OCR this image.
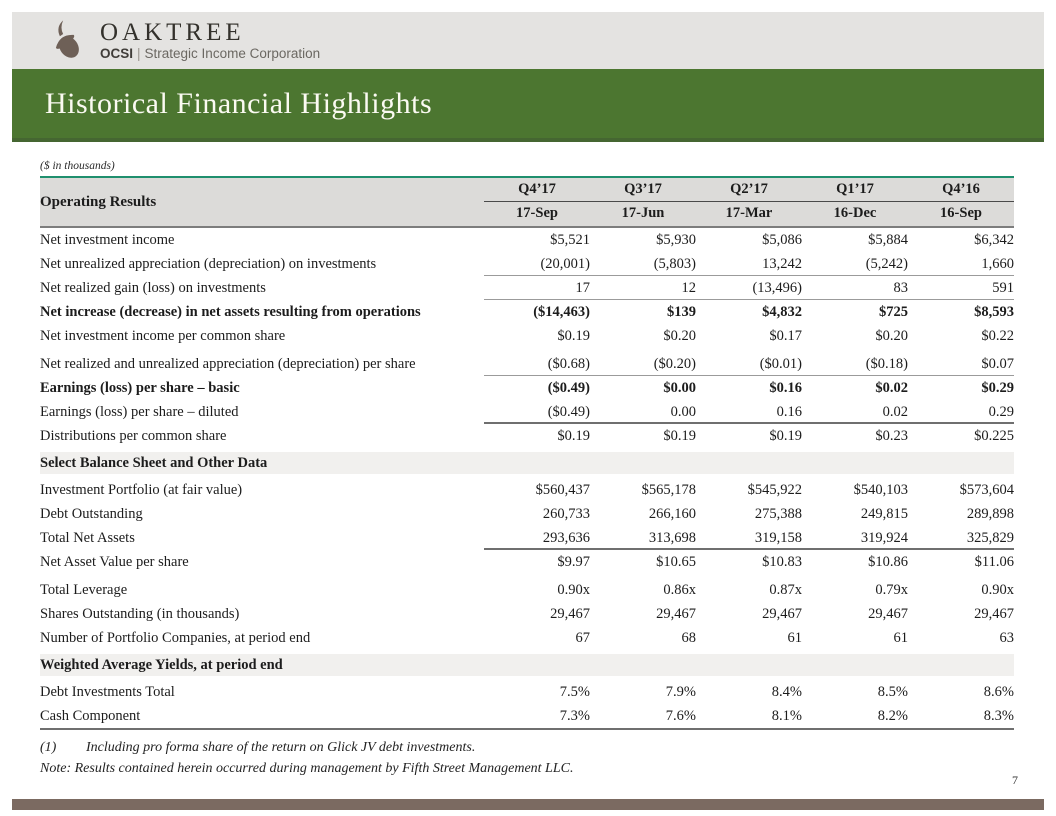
OAKTREE
OCSI | Strategic Income Corporation
Historical Financial Highlights
($ in thousands)
Operating Results
Q4’17	Q3’17	Q2’17	Q1’17	Q4’16
17-Sep	17-Jun	17-Mar	16-Dec	16-Sep
Net investment income	$5,521	$5,930	$5,086	$5,884	$6,342
Net unrealized appreciation (depreciation) on investments	(20,001)	(5,803)	13,242	(5,242)	1,660
Net realized gain (loss) on investments	17	12	(13,496)	83	591
Net increase (decrease) in net assets resulting from operations	($14,463)	$139	$4,832	$725	$8,593
Net investment income per common share	$0.19	$0.20	$0.17	$0.20	$0.22
Net realized and unrealized appreciation (depreciation) per share	($0.68)	($0.20)	($0.01)	($0.18)	$0.07
Earnings (loss) per share – basic	($0.49)	$0.00	$0.16	$0.02	$0.29
Earnings (loss) per share – diluted	($0.49)	0.00	0.16	0.02	0.29
Distributions per common share	$0.19	$0.19	$0.19	$0.23	$0.225
Select Balance Sheet and Other Data
Investment Portfolio (at fair value)	$560,437	$565,178	$545,922	$540,103	$573,604
Debt Outstanding	260,733	266,160	275,388	249,815	289,898
Total Net Assets	293,636	313,698	319,158	319,924	325,829
Net Asset Value per share	$9.97	$10.65	$10.83	$10.86	$11.06
Total Leverage	0.90x	0.86x	0.87x	0.79x	0.90x
Shares Outstanding (in thousands)	29,467	29,467	29,467	29,467	29,467
Number of Portfolio Companies, at period end	67	68	61	61	63
Weighted Average Yields, at period end
Debt Investments Total	7.5%	7.9%	8.4%	8.5%	8.6%
Cash Component	7.3%	7.6%	8.1%	8.2%	8.3%
(1) Including pro forma share of the return on Glick JV debt investments.
Note: Results contained herein occurred during management by Fifth Street Management LLC.
7
